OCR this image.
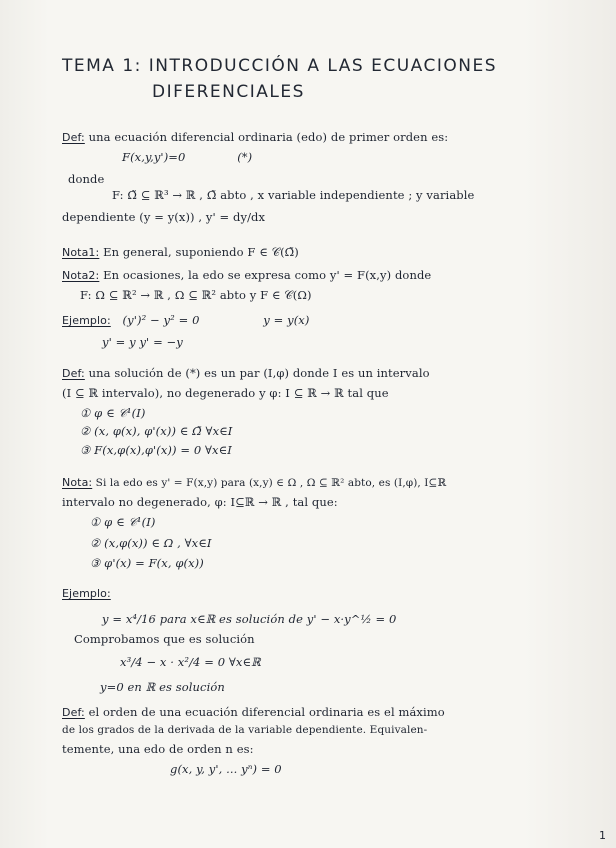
TEMA 1: INTRODUCCIÓN A LAS ECUACIONES
DIFERENCIALES
Def: una ecuación diferencial ordinaria (edo) de primer orden es:
F(x,y,y')=0	(*)
donde
F: Ω̃ ⊆ ℝ³ → ℝ , Ω̃ abto , x variable independiente ; y variable
dependiente (y = y(x)) , y' = dy/dx
Nota1: En general, suponiendo F ∈ 𝒞(Ω̃)
Nota2: En ocasiones, la edo se expresa como y' = F(x,y) donde
F: Ω ⊆ ℝ² → ℝ , Ω ⊆ ℝ² abto y F ∈ 𝒞(Ω)
Ejemplo: (y')² − y² = 0	y = y(x)
y' = y y' = −y
Def: una solución de (*) es un par (I,φ) donde I es un intervalo
(I ⊆ ℝ intervalo), no degenerado y φ: I ⊆ ℝ → ℝ tal que
① φ ∈ 𝒞¹(I)
② (x, φ(x), φ'(x)) ∈ Ω̃ ∀x∈I
③ F(x,φ(x),φ'(x)) = 0 ∀x∈I
Nota: Si la edo es y' = F(x,y) para (x,y) ∈ Ω , Ω ⊆ ℝ² abto, es (I,φ), I⊆ℝ
intervalo no degenerado, φ: I⊆ℝ → ℝ , tal que:
① φ ∈ 𝒞¹(I)
② (x,φ(x)) ∈ Ω , ∀x∈I
③ φ'(x) = F(x, φ(x))
Ejemplo:
y = x⁴/16 para x∈ℝ es solución de y' − x·y^½ = 0
Comprobamos que es solución
x³/4 − x · x²/4 = 0 ∀x∈ℝ
y=0 en ℝ es solución
Def: el orden de una ecuación diferencial ordinaria es el máximo
de los grados de la derivada de la variable dependiente. Equivalen-
temente, una edo de orden n es:
g(x, y, y', ... yⁿ) = 0
1
